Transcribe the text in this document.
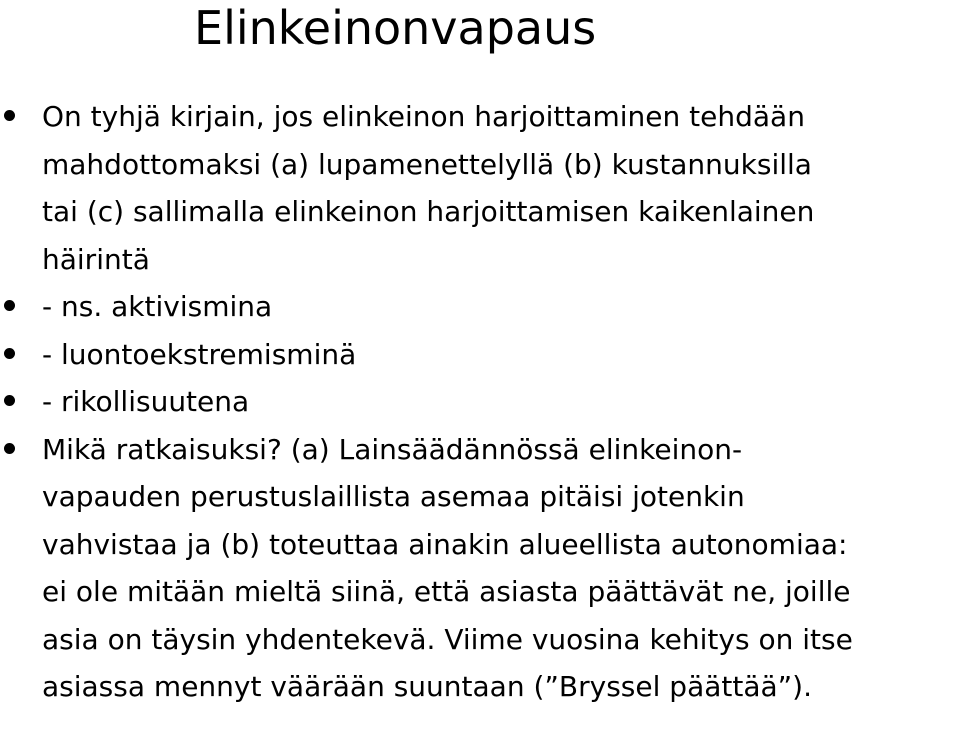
Elinkeinonvapaus
On tyhjä kirjain, jos elinkeinon harjoittaminen tehdään
mahdottomaksi (a) lupamenettelyllä (b) kustannuksilla
tai (c) sallimalla elinkeinon harjoittamisen kaikenlainen
häirintä
- ns. aktivismina
- luontoekstremisminä
- rikollisuutena
Mikä ratkaisuksi? (a) Lainsäädännössä elinkeinon-
vapauden perustuslaillista asemaa pitäisi jotenkin
vahvistaa ja (b) toteuttaa ainakin alueellista autonomiaa:
ei ole mitään mieltä siinä, että asiasta päättävät ne, joille
asia on täysin yhdentekevä. Viime vuosina kehitys on itse
asiassa mennyt väärään suuntaan (”Bryssel päättää”).
